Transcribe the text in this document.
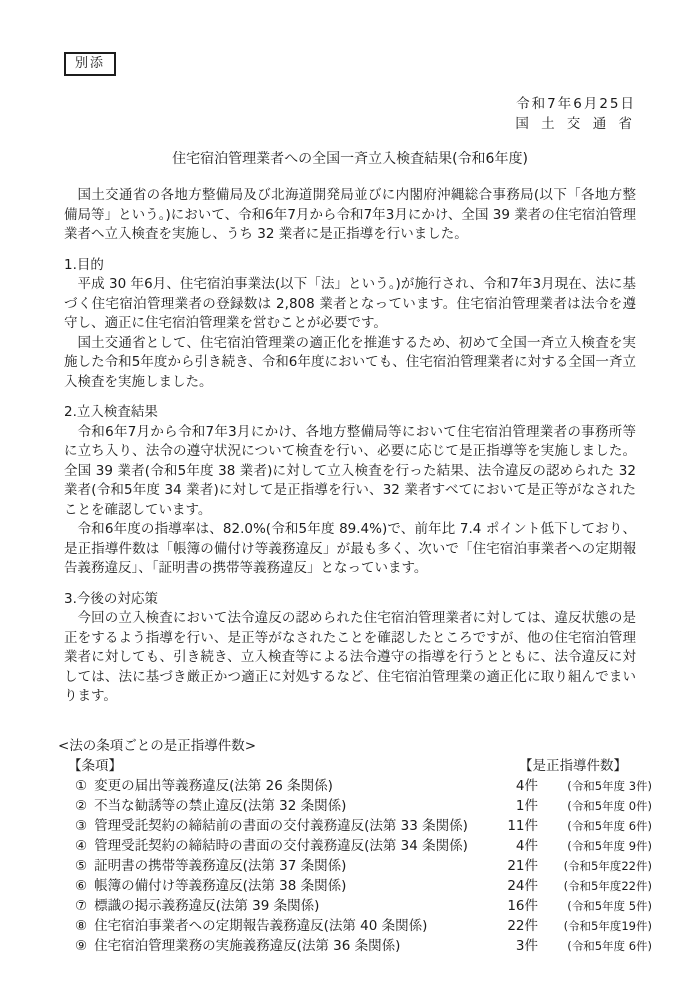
別添
令和7年6月25日
国 土 交 通 省
住宅宿泊管理業者への全国一斉立入検査結果(令和6年度)

国土交通省の各地方整備局及び北海道開発局並びに内閣府沖縄総合事務局(以下「各地方整備局等」という。)において、令和6年7月から令和7年3月にかけ、全国 39 業者の住宅宿泊管理業者へ立入検査を実施し、うち 32 業者に是正指導を行いました。

1.目的

平成 30 年6月、住宅宿泊事業法(以下「法」という。)が施行され、令和7年3月現在、法に基づく住宅宿泊管理業者の登録数は 2,808 業者となっています。住宅宿泊管理業者は法令を遵守し、適正に住宅宿泊管理業を営むことが必要です。

国土交通省として、住宅宿泊管理業の適正化を推進するため、初めて全国一斉立入検査を実施した令和5年度から引き続き、令和6年度においても、住宅宿泊管理業者に対する全国一斉立入検査を実施しました。

2.立入検査結果

令和6年7月から令和7年3月にかけ、各地方整備局等において住宅宿泊管理業者の事務所等に立ち入り、法令の遵守状況について検査を行い、必要に応じて是正指導等を実施しました。全国 39 業者(令和5年度 38 業者)に対して立入検査を行った結果、法令違反の認められた 32 業者(令和5年度 34 業者)に対して是正指導を行い、32 業者すべてにおいて是正等がなされたことを確認しています。

令和6年度の指導率は、82.0%(令和5年度 89.4%)で、前年比 7.4 ポイント低下しており、是正指導件数は「帳簿の備付け等義務違反」が最も多く、次いで「住宅宿泊事業者への定期報告義務違反」、「証明書の携帯等義務違反」となっています。

3.今後の対応策

今回の立入検査において法令違反の認められた住宅宿泊管理業者に対しては、違反状態の是正をするよう指導を行い、是正等がなされたことを確認したところですが、他の住宅宿泊管理業者に対しても、引き続き、立入検査等による法令遵守の指導を行うとともに、法令違反に対しては、法に基づき厳正かつ適正に対処するなど、住宅宿泊管理業の適正化に取り組んでまいります。

<法の条項ごとの是正指導件数>
【条項】	【是正指導件数】
① 変更の届出等義務違反(法第 26 条関係)	4件	(令和5年度 3件)
② 不当な勧誘等の禁止違反(法第 32 条関係)	1件	(令和5年度 0件)
③ 管理受託契約の締結前の書面の交付義務違反(法第 33 条関係)	11件	(令和5年度 6件)
④ 管理受託契約の締結時の書面の交付義務違反(法第 34 条関係)	4件	(令和5年度 9件)
⑤ 証明書の携帯等義務違反(法第 37 条関係)	21件	(令和5年度22件)
⑥ 帳簿の備付け等義務違反(法第 38 条関係)	24件	(令和5年度22件)
⑦ 標識の掲示義務違反(法第 39 条関係)	16件	(令和5年度 5件)
⑧ 住宅宿泊事業者への定期報告義務違反(法第 40 条関係)	22件	(令和5年度19件)
⑨ 住宅宿泊管理業務の実施義務違反(法第 36 条関係)	3件	(令和5年度 6件)
